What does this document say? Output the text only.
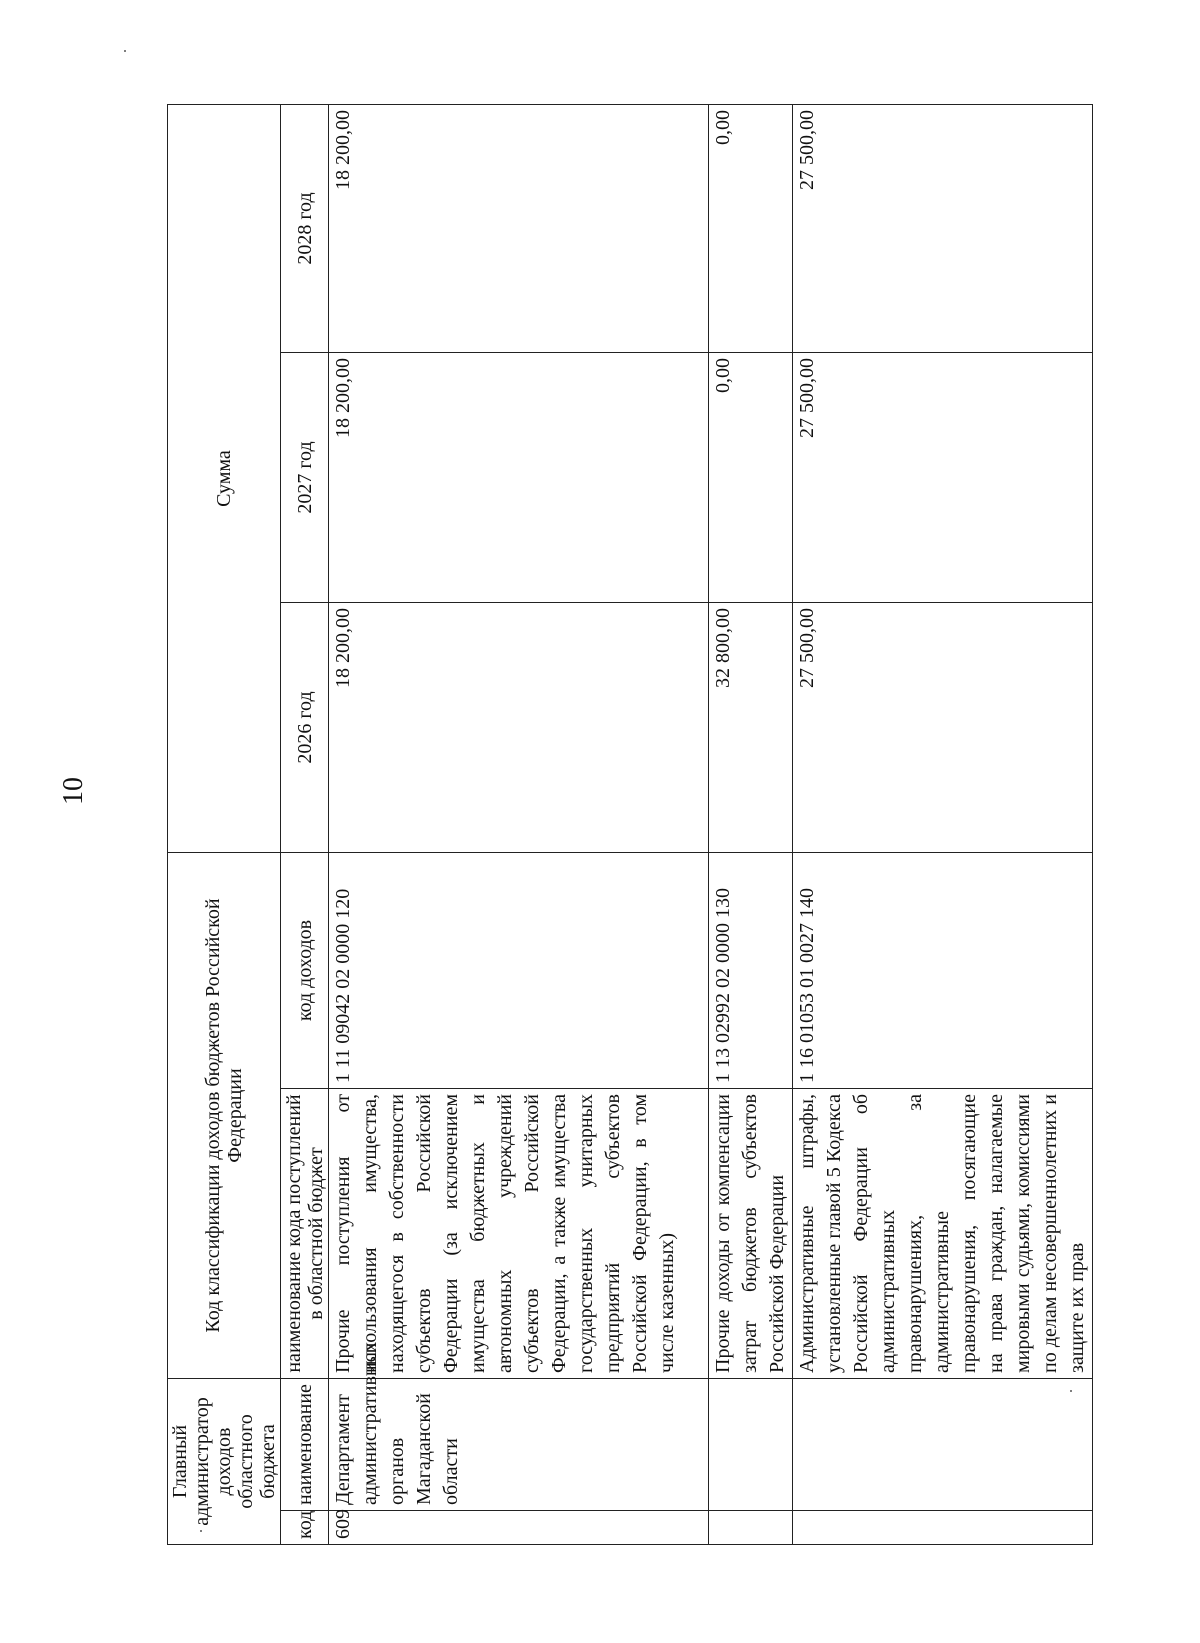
10
Главный администратор доходов областного бюджета		Код классификации доходов бюджетов Российской Федерации		Сумма		
код	наименование	наименование кода поступлений в областной бюджет	код доходов	2026 год	2027 год	2028 год
609	Департамент административных органов Магаданской области	Прочие поступления от использования имущества, находящегося в собственности субъектов Российской Федерации (за исключением имущества бюджетных и автономных учреждений субъектов Российской Федерации, а также имущества государственных унитарных предприятий субъектов Российской Федерации, в том числе казенных)	1 11 09042 02 0000 120	18 200,00	18 200,00	18 200,00
		Прочие доходы от компенсации затрат бюджетов субъектов Российской Федерации	1 13 02992 02 0000 130	32 800,00	0,00	0,00
		Административные штрафы, установленные главой 5 Кодекса Российской Федерации об административных правонарушениях, за административные правонарушения, посягающие на права граждан, налагаемые мировыми судьями, комиссиями по делам несовершеннолетних и защите их прав	1 16 01053 01 0027 140	27 500,00	27 500,00	27 500,00
